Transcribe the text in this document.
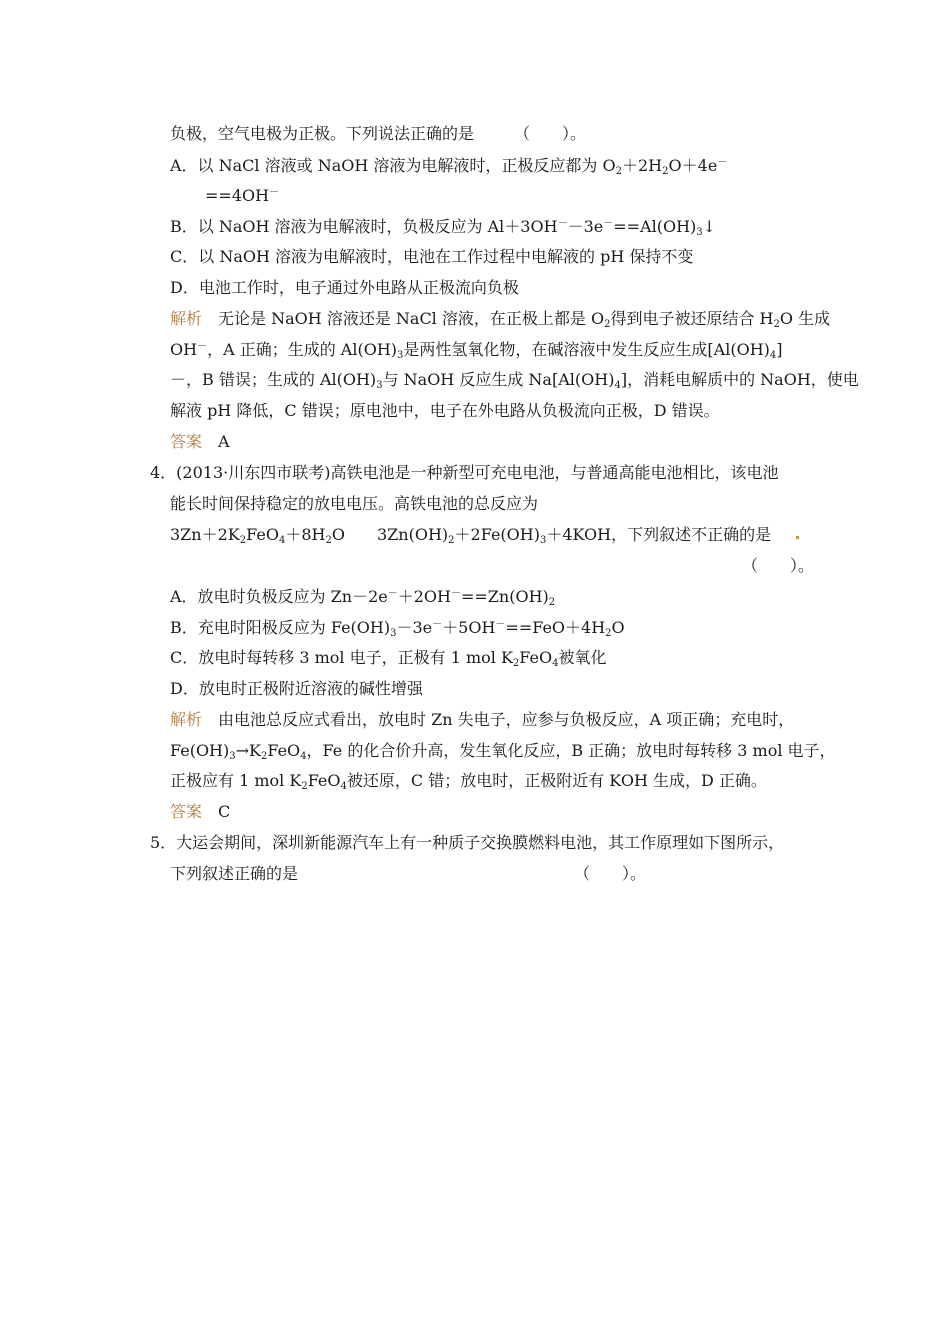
负极，空气电极为正极。下列说法正确的是　　　（　　）。
A．以 NaCl 溶液或 NaOH 溶液为电解液时，正极反应都为 $O_2+2H_2O+4e^-$
==4OH－
B．以 NaOH 溶液为电解液时，负极反应为 $Al+3OH^--3e^-==Al(OH)_3↓$
C．以 NaOH 溶液为电解液时，电池在工作过程中电解液的 pH 保持不变
D．电池工作时，电子通过外电路从正极流向负极
解析　 无论是 NaOH 溶液还是 NaCl 溶液，在正极上都是 $O_2$得到电子被还原结合 $H_2O$ 生成
OH－，A 正确；生成的 $Al(OH)_3$是两性氢氧化物，在碱溶液中发生反应生成$[Al(OH)_4]$
－，B 错误；生成的 $Al(OH)_3$与 NaOH 反应生成 $Na[Al(OH)_4]$，消耗电解质中的 NaOH，使电
解液 pH 降低，C 错误；原电池中，电子在外电路从负极流向正极，D 错误。
答案　 A
4．(2013·川东四市联考)高铁电池是一种新型可充电电池，与普通高能电池相比，该电池
能长时间保持稳定的放电电压。高铁电池的总反应为
$3Zn+2K_2FeO_4+8H_2O$ $3Zn(OH)_2+2Fe(OH)_3+4KOH$，下列叙述不正确的是
（　　）。
A．放电时负极反应为 $Zn-2e^-+2OH^-==Zn(OH)_2$
B．充电时阳极反应为 $Fe(OH)_3-3e^-+5OH^-==FeO+4H_2O$
C．放电时每转移 3 mol 电子，正极有 1 mol $K_2FeO_4$被氧化
D．放电时正极附近溶液的碱性增强
解析　 由电池总反应式看出，放电时 Zn 失电子，应参与负极反应，A 项正确；充电时，
$Fe(OH)_3\to K_2FeO_4$，Fe 的化合价升高，发生氧化反应，B 正确；放电时每转移 3 mol 电子，
正极应有 1 mol $K_2FeO_4$被还原，C 错；放电时，正极附近有 KOH 生成，D 正确。
答案　 C
5．大运会期间，深圳新能源汽车上有一种质子交换膜燃料电池，其工作原理如下图所示，
下列叙述正确的是	（　　）。
